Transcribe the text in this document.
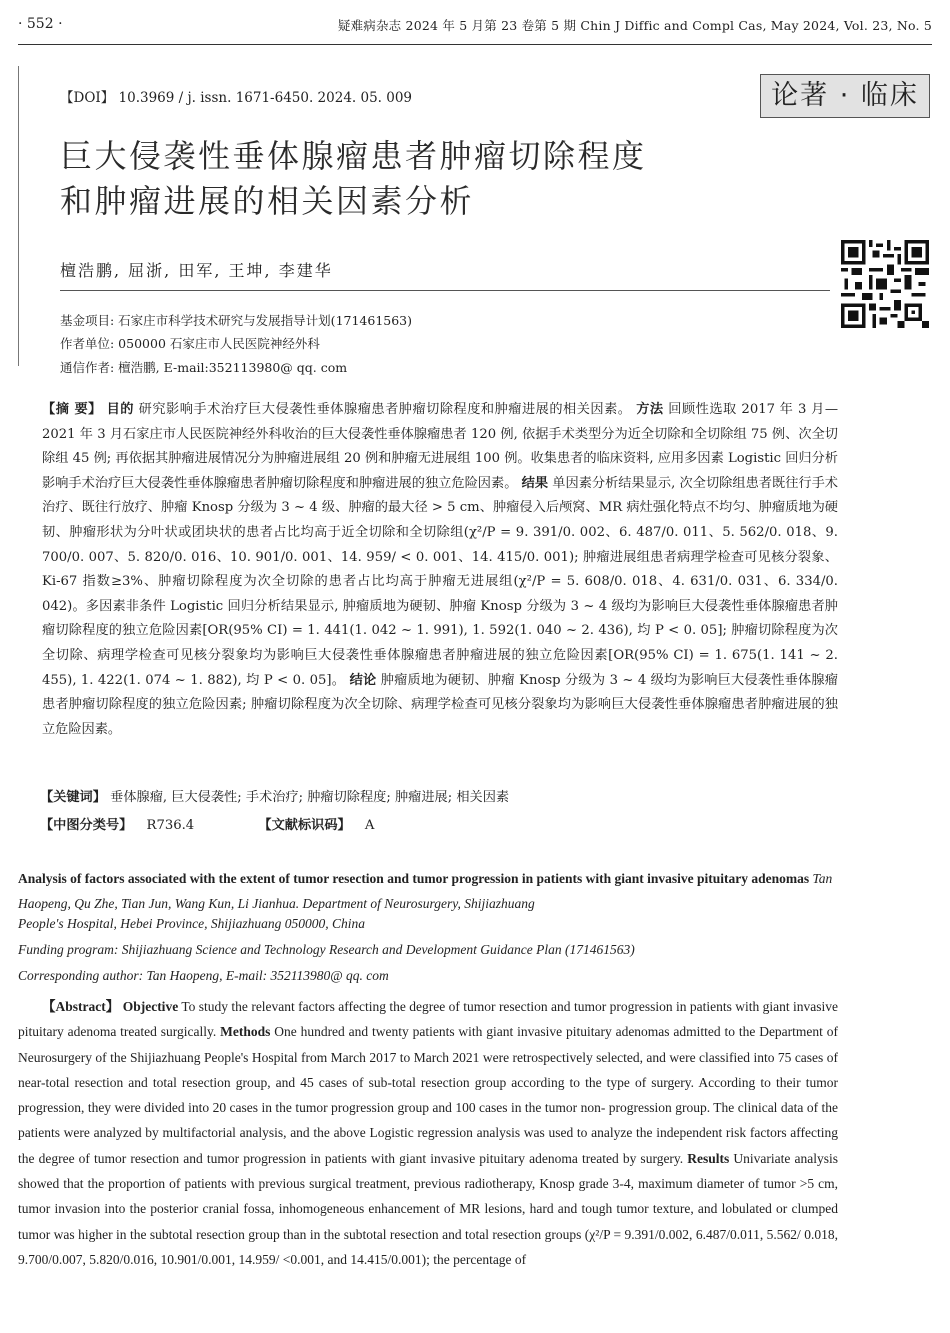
· 552 ·	疑难病杂志 2024 年 5 月第 23 卷第 5 期 Chin J Diffic and Compl Cas, May 2024, Vol. 23, No. 5
【DOI】 10.3969 / j. issn. 1671-6450. 2024. 05. 009	论著 · 临床
巨大侵袭性垂体腺瘤患者肿瘤切除程度
和肿瘤进展的相关因素分析
檀浩鹏, 屈浙, 田军, 王坤, 李建华
基金项目: 石家庄市科学技术研究与发展指导计划(171461563)
作者单位: 050000 石家庄市人民医院神经外科
通信作者: 檀浩鹏, E-mail:352113980@ qq. com

【摘 要】 目的 研究影响手术治疗巨大侵袭性垂体腺瘤患者肿瘤切除程度和肿瘤进展的相关因素。 方法 回顾性选取 2017 年 3 月—2021 年 3 月石家庄市人民医院神经外科收治的巨大侵袭性垂体腺瘤患者 120 例, 依据手术类型分为近全切除和全切除组 75 例、次全切除组 45 例; 再依据其肿瘤进展情况分为肿瘤进展组 20 例和肿瘤无进展组 100 例。收集患者的临床资料, 应用多因素 Logistic 回归分析影响手术治疗巨大侵袭性垂体腺瘤患者肿瘤切除程度和肿瘤进展的独立危险因素。 结果 单因素分析结果显示, 次全切除组患者既往行手术治疗、既往行放疗、肿瘤 Knosp 分级为 3 ~ 4 级、肿瘤的最大径 > 5 cm、肿瘤侵入后颅窝、MR 病灶强化特点不均匀、肿瘤质地为硬韧、肿瘤形状为分叶状或团块状的患者占比均高于近全切除和全切除组(χ²/P = 9. 391/0. 002、6. 487/0. 011、5. 562/0. 018、9. 700/0. 007、5. 820/0. 016、10. 901/0. 001、14. 959/ < 0. 001、14. 415/0. 001); 肿瘤进展组患者病理学检查可见核分裂象、Ki-67 指数≥3%、肿瘤切除程度为次全切除的患者占比均高于肿瘤无进展组(χ²/P = 5. 608/0. 018、4. 631/0. 031、6. 334/0. 042)。多因素非条件 Logistic 回归分析结果显示, 肿瘤质地为硬韧、肿瘤 Knosp 分级为 3 ~ 4 级均为影响巨大侵袭性垂体腺瘤患者肿瘤切除程度的独立危险因素[OR(95% CI) = 1. 441(1. 042 ~ 1. 991), 1. 592(1. 040 ~ 2. 436), 均 P < 0. 05]; 肿瘤切除程度为次全切除、病理学检查可见核分裂象均为影响巨大侵袭性垂体腺瘤患者肿瘤进展的独立危险因素[OR(95% CI) = 1. 675(1. 141 ~ 2. 455), 1. 422(1. 074 ~ 1. 882), 均 P < 0. 05]。 结论 肿瘤质地为硬韧、肿瘤 Knosp 分级为 3 ~ 4 级均为影响巨大侵袭性垂体腺瘤患者肿瘤切除程度的独立危险因素; 肿瘤切除程度为次全切除、病理学检查可见核分裂象均为影响巨大侵袭性垂体腺瘤患者肿瘤进展的独立危险因素。

【关键词】 垂体腺瘤, 巨大侵袭性; 手术治疗; 肿瘤切除程度; 肿瘤进展; 相关因素
【中图分类号】 R736.4	【文献标识码】 A
Analysis of factors associated with the extent of tumor resection and tumor progression in patients with giant invasive pituitary adenomas Tan Haopeng, Qu Zhe, Tian Jun, Wang Kun, Li Jianhua. Department of Neurosurgery, Shijiazhuang
People's Hospital, Hebei Province, Shijiazhuang 050000, China
Funding program: Shijiazhuang Science and Technology Research and Development Guidance Plan (171461563)
Corresponding author: Tan Haopeng, E-mail: 352113980@ qq. com
【Abstract】 Objective To study the relevant factors affecting the degree of tumor resection and tumor progression in patients with giant invasive pituitary adenoma treated surgically. Methods One hundred and twenty patients with giant invasive pituitary adenomas admitted to the Department of Neurosurgery of the Shijiazhuang People's Hospital from March 2017 to March 2021 were retrospectively selected, and were classified into 75 cases of near-total resection and total resection group, and 45 cases of sub-total resection group according to the type of surgery. According to their tumor progression, they were divided into 20 cases in the tumor progression group and 100 cases in the tumor non- progression group. The clinical data of the patients were analyzed by multifactorial analysis, and the above Logistic regression analysis was used to analyze the independent risk factors affecting the degree of tumor resection and tumor progression in patients with giant invasive pituitary adenoma treated by surgery. Results Univariate analysis showed that the proportion of patients with previous surgical treatment, previous radiotherapy, Knosp grade 3-4, maximum diameter of tumor >5 cm, tumor invasion into the posterior cranial fossa, inhomogeneous enhancement of MR lesions, hard and tough tumor texture, and lobulated or clumped tumor was higher in the subtotal resection group than in the subtotal resection and total resection groups (χ²/P = 9.391/0.002, 6.487/0.011, 5.562/ 0.018, 9.700/0.007, 5.820/0.016, 10.901/0.001, 14.959/ <0.001, and 14.415/0.001); the percentage of
